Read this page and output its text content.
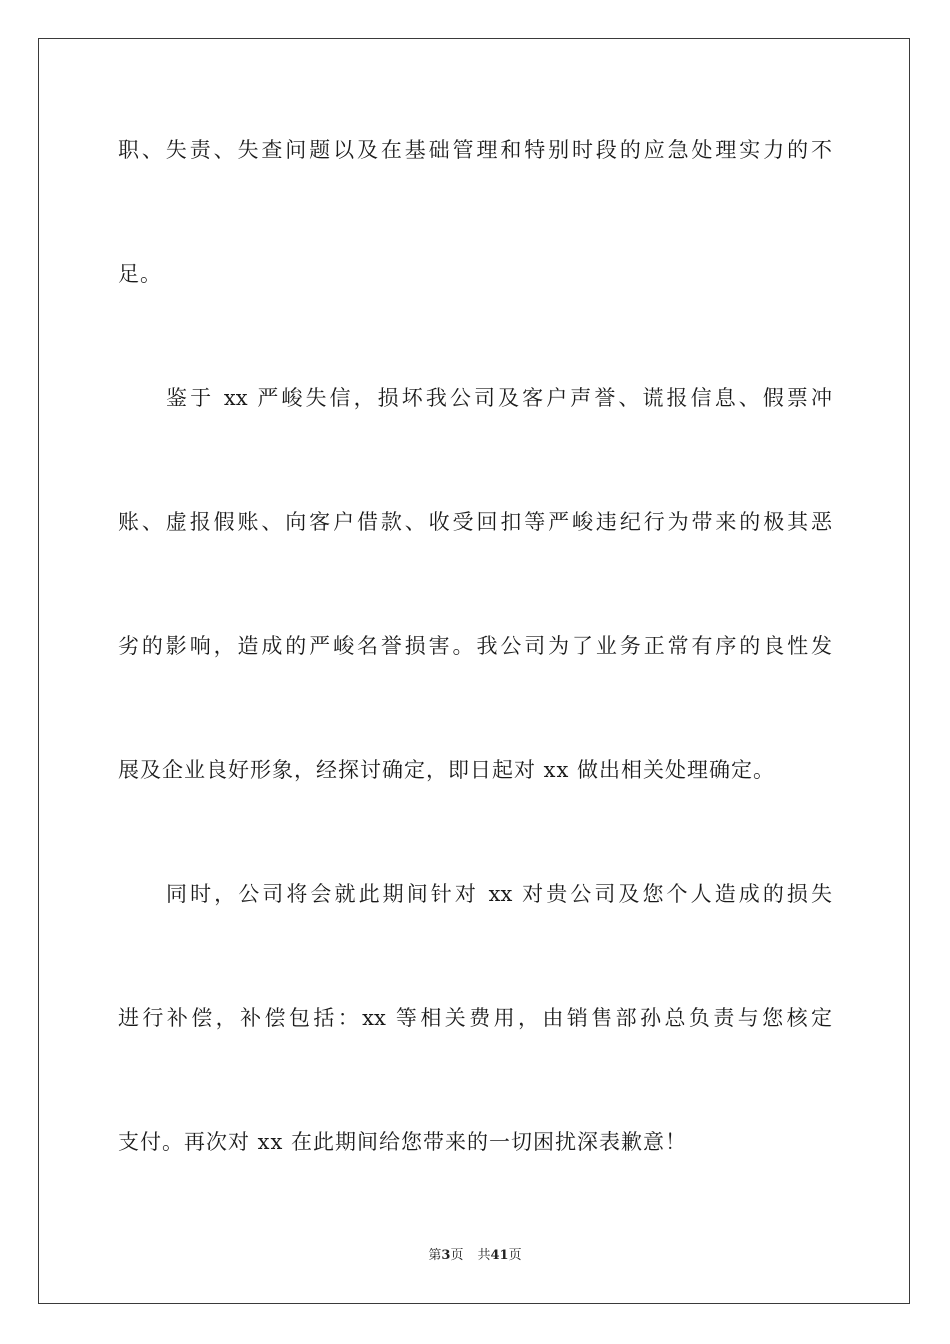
职、失责、失查问题以及在基础管理和特别时段的应急处理实力的不
足。
鉴于 xx 严峻失信，损坏我公司及客户声誉、谎报信息、假票冲
账、虚报假账、向客户借款、收受回扣等严峻违纪行为带来的极其恶
劣的影响，造成的严峻名誉损害。我公司为了业务正常有序的良性发
展及企业良好形象，经探讨确定，即日起对 xx 做出相关处理确定。
同时，公司将会就此期间针对 xx 对贵公司及您个人造成的损失
进行补偿，补偿包括：xx 等相关费用，由销售部孙总负责与您核定
支付。再次对 xx 在此期间给您带来的一切困扰深表歉意！
第3页 共41页
